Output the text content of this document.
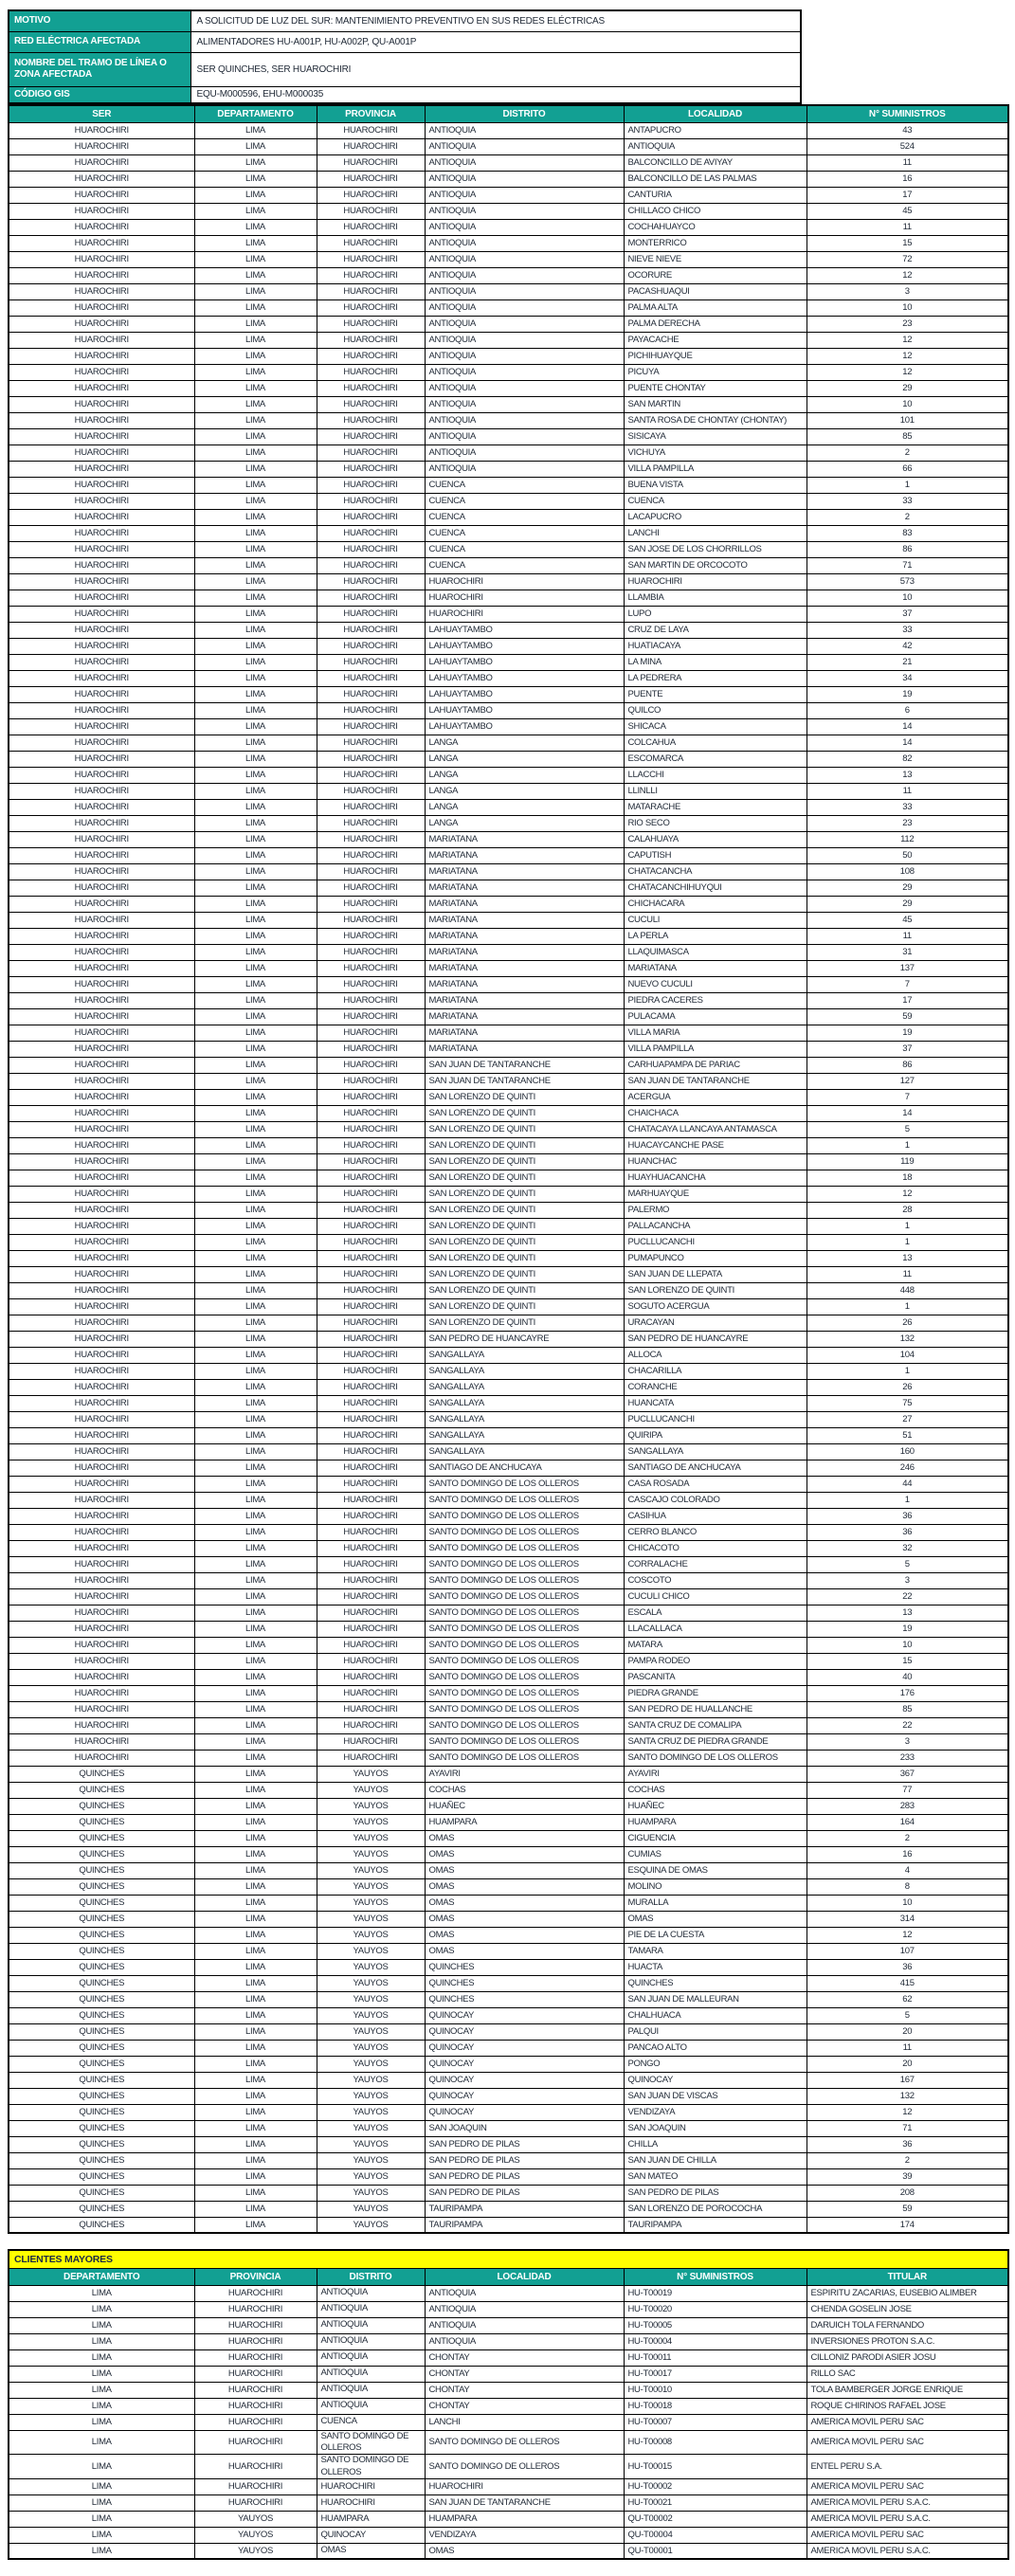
MOTIVO	A SOLICITUD DE LUZ DEL SUR: MANTENIMIENTO PREVENTIVO EN SUS REDES ELÉCTRICAS
RED ELÉCTRICA AFECTADA	ALIMENTADORES HU-A001P, HU-A002P, QU-A001P
NOMBRE DEL TRAMO DE LÍNEA O ZONA AFECTADA	SER QUINCHES, SER HUAROCHIRI
CÓDIGO GIS	EQU-M000596, EHU-M000035
SER	DEPARTAMENTO	PROVINCIA	DISTRITO	LOCALIDAD	N° SUMINISTROS
HUAROCHIRI	LIMA	HUAROCHIRI	ANTIOQUIA	ANTAPUCRO	43
HUAROCHIRI	LIMA	HUAROCHIRI	ANTIOQUIA	ANTIOQUIA	524
HUAROCHIRI	LIMA	HUAROCHIRI	ANTIOQUIA	BALCONCILLO DE AVIYAY	11
HUAROCHIRI	LIMA	HUAROCHIRI	ANTIOQUIA	BALCONCILLO DE LAS PALMAS	16
HUAROCHIRI	LIMA	HUAROCHIRI	ANTIOQUIA	CANTURIA	17
HUAROCHIRI	LIMA	HUAROCHIRI	ANTIOQUIA	CHILLACO CHICO	45
HUAROCHIRI	LIMA	HUAROCHIRI	ANTIOQUIA	COCHAHUAYCO	11
HUAROCHIRI	LIMA	HUAROCHIRI	ANTIOQUIA	MONTERRICO	15
HUAROCHIRI	LIMA	HUAROCHIRI	ANTIOQUIA	NIEVE NIEVE	72
HUAROCHIRI	LIMA	HUAROCHIRI	ANTIOQUIA	OCORURE	12
HUAROCHIRI	LIMA	HUAROCHIRI	ANTIOQUIA	PACASHUAQUI	3
HUAROCHIRI	LIMA	HUAROCHIRI	ANTIOQUIA	PALMA ALTA	10
HUAROCHIRI	LIMA	HUAROCHIRI	ANTIOQUIA	PALMA DERECHA	23
HUAROCHIRI	LIMA	HUAROCHIRI	ANTIOQUIA	PAYACACHE	12
HUAROCHIRI	LIMA	HUAROCHIRI	ANTIOQUIA	PICHIHUAYQUE	12
HUAROCHIRI	LIMA	HUAROCHIRI	ANTIOQUIA	PICUYA	12
HUAROCHIRI	LIMA	HUAROCHIRI	ANTIOQUIA	PUENTE CHONTAY	29
HUAROCHIRI	LIMA	HUAROCHIRI	ANTIOQUIA	SAN MARTIN	10
HUAROCHIRI	LIMA	HUAROCHIRI	ANTIOQUIA	SANTA ROSA DE CHONTAY (CHONTAY)	101
HUAROCHIRI	LIMA	HUAROCHIRI	ANTIOQUIA	SISICAYA	85
HUAROCHIRI	LIMA	HUAROCHIRI	ANTIOQUIA	VICHUYA	2
HUAROCHIRI	LIMA	HUAROCHIRI	ANTIOQUIA	VILLA PAMPILLA	66
HUAROCHIRI	LIMA	HUAROCHIRI	CUENCA	BUENA VISTA	1
HUAROCHIRI	LIMA	HUAROCHIRI	CUENCA	CUENCA	33
HUAROCHIRI	LIMA	HUAROCHIRI	CUENCA	LACAPUCRO	2
HUAROCHIRI	LIMA	HUAROCHIRI	CUENCA	LANCHI	83
HUAROCHIRI	LIMA	HUAROCHIRI	CUENCA	SAN JOSE DE LOS CHORRILLOS	86
HUAROCHIRI	LIMA	HUAROCHIRI	CUENCA	SAN MARTIN DE ORCOCOTO	71
HUAROCHIRI	LIMA	HUAROCHIRI	HUAROCHIRI	HUAROCHIRI	573
HUAROCHIRI	LIMA	HUAROCHIRI	HUAROCHIRI	LLAMBIA	10
HUAROCHIRI	LIMA	HUAROCHIRI	HUAROCHIRI	LUPO	37
HUAROCHIRI	LIMA	HUAROCHIRI	LAHUAYTAMBO	CRUZ DE LAYA	33
HUAROCHIRI	LIMA	HUAROCHIRI	LAHUAYTAMBO	HUATIACAYA	42
HUAROCHIRI	LIMA	HUAROCHIRI	LAHUAYTAMBO	LA MINA	21
HUAROCHIRI	LIMA	HUAROCHIRI	LAHUAYTAMBO	LA PEDRERA	34
HUAROCHIRI	LIMA	HUAROCHIRI	LAHUAYTAMBO	PUENTE	19
HUAROCHIRI	LIMA	HUAROCHIRI	LAHUAYTAMBO	QUILCO	6
HUAROCHIRI	LIMA	HUAROCHIRI	LAHUAYTAMBO	SHICACA	14
HUAROCHIRI	LIMA	HUAROCHIRI	LANGA	COLCAHUA	14
HUAROCHIRI	LIMA	HUAROCHIRI	LANGA	ESCOMARCA	82
HUAROCHIRI	LIMA	HUAROCHIRI	LANGA	LLACCHI	13
HUAROCHIRI	LIMA	HUAROCHIRI	LANGA	LLINLLI	11
HUAROCHIRI	LIMA	HUAROCHIRI	LANGA	MATARACHE	33
HUAROCHIRI	LIMA	HUAROCHIRI	LANGA	RIO SECO	23
HUAROCHIRI	LIMA	HUAROCHIRI	MARIATANA	CALAHUAYA	112
HUAROCHIRI	LIMA	HUAROCHIRI	MARIATANA	CAPUTISH	50
HUAROCHIRI	LIMA	HUAROCHIRI	MARIATANA	CHATACANCHA	108
HUAROCHIRI	LIMA	HUAROCHIRI	MARIATANA	CHATACANCHIHUYQUI	29
HUAROCHIRI	LIMA	HUAROCHIRI	MARIATANA	CHICHACARA	29
HUAROCHIRI	LIMA	HUAROCHIRI	MARIATANA	CUCULI	45
HUAROCHIRI	LIMA	HUAROCHIRI	MARIATANA	LA PERLA	11
HUAROCHIRI	LIMA	HUAROCHIRI	MARIATANA	LLAQUIMASCA	31
HUAROCHIRI	LIMA	HUAROCHIRI	MARIATANA	MARIATANA	137
HUAROCHIRI	LIMA	HUAROCHIRI	MARIATANA	NUEVO CUCULI	7
HUAROCHIRI	LIMA	HUAROCHIRI	MARIATANA	PIEDRA CACERES	17
HUAROCHIRI	LIMA	HUAROCHIRI	MARIATANA	PULACAMA	59
HUAROCHIRI	LIMA	HUAROCHIRI	MARIATANA	VILLA MARIA	19
HUAROCHIRI	LIMA	HUAROCHIRI	MARIATANA	VILLA PAMPILLA	37
HUAROCHIRI	LIMA	HUAROCHIRI	SAN JUAN DE TANTARANCHE	CARHUAPAMPA DE PARIAC	86
HUAROCHIRI	LIMA	HUAROCHIRI	SAN JUAN DE TANTARANCHE	SAN JUAN DE TANTARANCHE	127
HUAROCHIRI	LIMA	HUAROCHIRI	SAN LORENZO DE QUINTI	ACERGUA	7
HUAROCHIRI	LIMA	HUAROCHIRI	SAN LORENZO DE QUINTI	CHAICHACA	14
HUAROCHIRI	LIMA	HUAROCHIRI	SAN LORENZO DE QUINTI	CHATACAYA LLANCAYA ANTAMASCA	5
HUAROCHIRI	LIMA	HUAROCHIRI	SAN LORENZO DE QUINTI	HUACAYCANCHE PASE	1
HUAROCHIRI	LIMA	HUAROCHIRI	SAN LORENZO DE QUINTI	HUANCHAC	119
HUAROCHIRI	LIMA	HUAROCHIRI	SAN LORENZO DE QUINTI	HUAYHUACANCHA	18
HUAROCHIRI	LIMA	HUAROCHIRI	SAN LORENZO DE QUINTI	MARHUAYQUE	12
HUAROCHIRI	LIMA	HUAROCHIRI	SAN LORENZO DE QUINTI	PALERMO	28
HUAROCHIRI	LIMA	HUAROCHIRI	SAN LORENZO DE QUINTI	PALLACANCHA	1
HUAROCHIRI	LIMA	HUAROCHIRI	SAN LORENZO DE QUINTI	PUCLLUCANCHI	1
HUAROCHIRI	LIMA	HUAROCHIRI	SAN LORENZO DE QUINTI	PUMAPUNCO	13
HUAROCHIRI	LIMA	HUAROCHIRI	SAN LORENZO DE QUINTI	SAN JUAN DE LLEPATA	11
HUAROCHIRI	LIMA	HUAROCHIRI	SAN LORENZO DE QUINTI	SAN LORENZO DE QUINTI	448
HUAROCHIRI	LIMA	HUAROCHIRI	SAN LORENZO DE QUINTI	SOGUTO ACERGUA	1
HUAROCHIRI	LIMA	HUAROCHIRI	SAN LORENZO DE QUINTI	URACAYAN	26
HUAROCHIRI	LIMA	HUAROCHIRI	SAN PEDRO DE HUANCAYRE	SAN PEDRO DE HUANCAYRE	132
HUAROCHIRI	LIMA	HUAROCHIRI	SANGALLAYA	ALLOCA	104
HUAROCHIRI	LIMA	HUAROCHIRI	SANGALLAYA	CHACARILLA	1
HUAROCHIRI	LIMA	HUAROCHIRI	SANGALLAYA	CORANCHE	26
HUAROCHIRI	LIMA	HUAROCHIRI	SANGALLAYA	HUANCATA	75
HUAROCHIRI	LIMA	HUAROCHIRI	SANGALLAYA	PUCLLUCANCHI	27
HUAROCHIRI	LIMA	HUAROCHIRI	SANGALLAYA	QUIRIPA	51
HUAROCHIRI	LIMA	HUAROCHIRI	SANGALLAYA	SANGALLAYA	160
HUAROCHIRI	LIMA	HUAROCHIRI	SANTIAGO DE ANCHUCAYA	SANTIAGO DE ANCHUCAYA	246
HUAROCHIRI	LIMA	HUAROCHIRI	SANTO DOMINGO DE LOS OLLEROS	CASA ROSADA	44
HUAROCHIRI	LIMA	HUAROCHIRI	SANTO DOMINGO DE LOS OLLEROS	CASCAJO COLORADO	1
HUAROCHIRI	LIMA	HUAROCHIRI	SANTO DOMINGO DE LOS OLLEROS	CASIHUA	36
HUAROCHIRI	LIMA	HUAROCHIRI	SANTO DOMINGO DE LOS OLLEROS	CERRO BLANCO	36
HUAROCHIRI	LIMA	HUAROCHIRI	SANTO DOMINGO DE LOS OLLEROS	CHICACOTO	32
HUAROCHIRI	LIMA	HUAROCHIRI	SANTO DOMINGO DE LOS OLLEROS	CORRALACHE	5
HUAROCHIRI	LIMA	HUAROCHIRI	SANTO DOMINGO DE LOS OLLEROS	COSCOTO	3
HUAROCHIRI	LIMA	HUAROCHIRI	SANTO DOMINGO DE LOS OLLEROS	CUCULI CHICO	22
HUAROCHIRI	LIMA	HUAROCHIRI	SANTO DOMINGO DE LOS OLLEROS	ESCALA	13
HUAROCHIRI	LIMA	HUAROCHIRI	SANTO DOMINGO DE LOS OLLEROS	LLACALLACA	19
HUAROCHIRI	LIMA	HUAROCHIRI	SANTO DOMINGO DE LOS OLLEROS	MATARA	10
HUAROCHIRI	LIMA	HUAROCHIRI	SANTO DOMINGO DE LOS OLLEROS	PAMPA RODEO	15
HUAROCHIRI	LIMA	HUAROCHIRI	SANTO DOMINGO DE LOS OLLEROS	PASCANITA	40
HUAROCHIRI	LIMA	HUAROCHIRI	SANTO DOMINGO DE LOS OLLEROS	PIEDRA GRANDE	176
HUAROCHIRI	LIMA	HUAROCHIRI	SANTO DOMINGO DE LOS OLLEROS	SAN PEDRO DE HUALLANCHE	85
HUAROCHIRI	LIMA	HUAROCHIRI	SANTO DOMINGO DE LOS OLLEROS	SANTA CRUZ DE COMALIPA	22
HUAROCHIRI	LIMA	HUAROCHIRI	SANTO DOMINGO DE LOS OLLEROS	SANTA CRUZ DE PIEDRA GRANDE	3
HUAROCHIRI	LIMA	HUAROCHIRI	SANTO DOMINGO DE LOS OLLEROS	SANTO DOMINGO DE LOS OLLEROS	233
QUINCHES	LIMA	YAUYOS	AYAVIRI	AYAVIRI	367
QUINCHES	LIMA	YAUYOS	COCHAS	COCHAS	77
QUINCHES	LIMA	YAUYOS	HUAÑEC	HUAÑEC	283
QUINCHES	LIMA	YAUYOS	HUAMPARA	HUAMPARA	164
QUINCHES	LIMA	YAUYOS	OMAS	CIGUENCIA	2
QUINCHES	LIMA	YAUYOS	OMAS	CUMIAS	16
QUINCHES	LIMA	YAUYOS	OMAS	ESQUINA DE OMAS	4
QUINCHES	LIMA	YAUYOS	OMAS	MOLINO	8
QUINCHES	LIMA	YAUYOS	OMAS	MURALLA	10
QUINCHES	LIMA	YAUYOS	OMAS	OMAS	314
QUINCHES	LIMA	YAUYOS	OMAS	PIE DE LA CUESTA	12
QUINCHES	LIMA	YAUYOS	OMAS	TAMARA	107
QUINCHES	LIMA	YAUYOS	QUINCHES	HUACTA	36
QUINCHES	LIMA	YAUYOS	QUINCHES	QUINCHES	415
QUINCHES	LIMA	YAUYOS	QUINCHES	SAN JUAN DE MALLEURAN	62
QUINCHES	LIMA	YAUYOS	QUINOCAY	CHALHUACA	5
QUINCHES	LIMA	YAUYOS	QUINOCAY	PALQUI	20
QUINCHES	LIMA	YAUYOS	QUINOCAY	PANCAO ALTO	11
QUINCHES	LIMA	YAUYOS	QUINOCAY	PONGO	20
QUINCHES	LIMA	YAUYOS	QUINOCAY	QUINOCAY	167
QUINCHES	LIMA	YAUYOS	QUINOCAY	SAN JUAN DE VISCAS	132
QUINCHES	LIMA	YAUYOS	QUINOCAY	VENDIZAYA	12
QUINCHES	LIMA	YAUYOS	SAN JOAQUIN	SAN JOAQUIN	71
QUINCHES	LIMA	YAUYOS	SAN PEDRO DE PILAS	CHILLA	36
QUINCHES	LIMA	YAUYOS	SAN PEDRO DE PILAS	SAN JUAN DE CHILLA	2
QUINCHES	LIMA	YAUYOS	SAN PEDRO DE PILAS	SAN MATEO	39
QUINCHES	LIMA	YAUYOS	SAN PEDRO DE PILAS	SAN PEDRO DE PILAS	208
QUINCHES	LIMA	YAUYOS	TAURIPAMPA	SAN LORENZO DE POROCOCHA	59
QUINCHES	LIMA	YAUYOS	TAURIPAMPA	TAURIPAMPA	174
CLIENTES MAYORES					
DEPARTAMENTO	PROVINCIA	DISTRITO	LOCALIDAD	N° SUMINISTROS	TITULAR
LIMA	HUAROCHIRI	ANTIOQUIA	ANTIOQUIA	HU-T00019	ESPIRITU ZACARIAS, EUSEBIO ALIMBER
LIMA	HUAROCHIRI	ANTIOQUIA	ANTIOQUIA	HU-T00020	CHENDA GOSELIN JOSE
LIMA	HUAROCHIRI	ANTIOQUIA	ANTIOQUIA	HU-T00005	DARUICH TOLA FERNANDO
LIMA	HUAROCHIRI	ANTIOQUIA	ANTIOQUIA	HU-T00004	INVERSIONES PROTON S.A.C.
LIMA	HUAROCHIRI	ANTIOQUIA	CHONTAY	HU-T00011	CILLONIZ PARODI ASIER JOSU
LIMA	HUAROCHIRI	ANTIOQUIA	CHONTAY	HU-T00017	RILLO SAC
LIMA	HUAROCHIRI	ANTIOQUIA	CHONTAY	HU-T00010	TOLA BAMBERGER JORGE ENRIQUE
LIMA	HUAROCHIRI	ANTIOQUIA	CHONTAY	HU-T00018	ROQUE CHIRINOS RAFAEL JOSE
LIMA	HUAROCHIRI	CUENCA	LANCHI	HU-T00007	AMERICA MOVIL PERU SAC
LIMA	HUAROCHIRI	SANTO DOMINGO DE OLLEROS	SANTO DOMINGO DE OLLEROS	HU-T00008	AMERICA MOVIL PERU SAC
LIMA	HUAROCHIRI	SANTO DOMINGO DE OLLEROS	SANTO DOMINGO DE OLLEROS	HU-T00015	ENTEL PERU S.A.
LIMA	HUAROCHIRI	HUAROCHIRI	HUAROCHIRI	HU-T00002	AMERICA MOVIL PERU SAC
LIMA	HUAROCHIRI	HUAROCHIRI	SAN JUAN DE TANTARANCHE	HU-T00021	AMERICA MOVIL PERU S.A.C.
LIMA	YAUYOS	HUAMPARA	HUAMPARA	QU-T00002	AMERICA MOVIL PERU S.A.C.
LIMA	YAUYOS	QUINOCAY	VENDIZAYA	QU-T00004	AMERICA MOVIL PERU SAC
LIMA	YAUYOS	OMAS	OMAS	QU-T00001	AMERICA MOVIL PERU S.A.C.
